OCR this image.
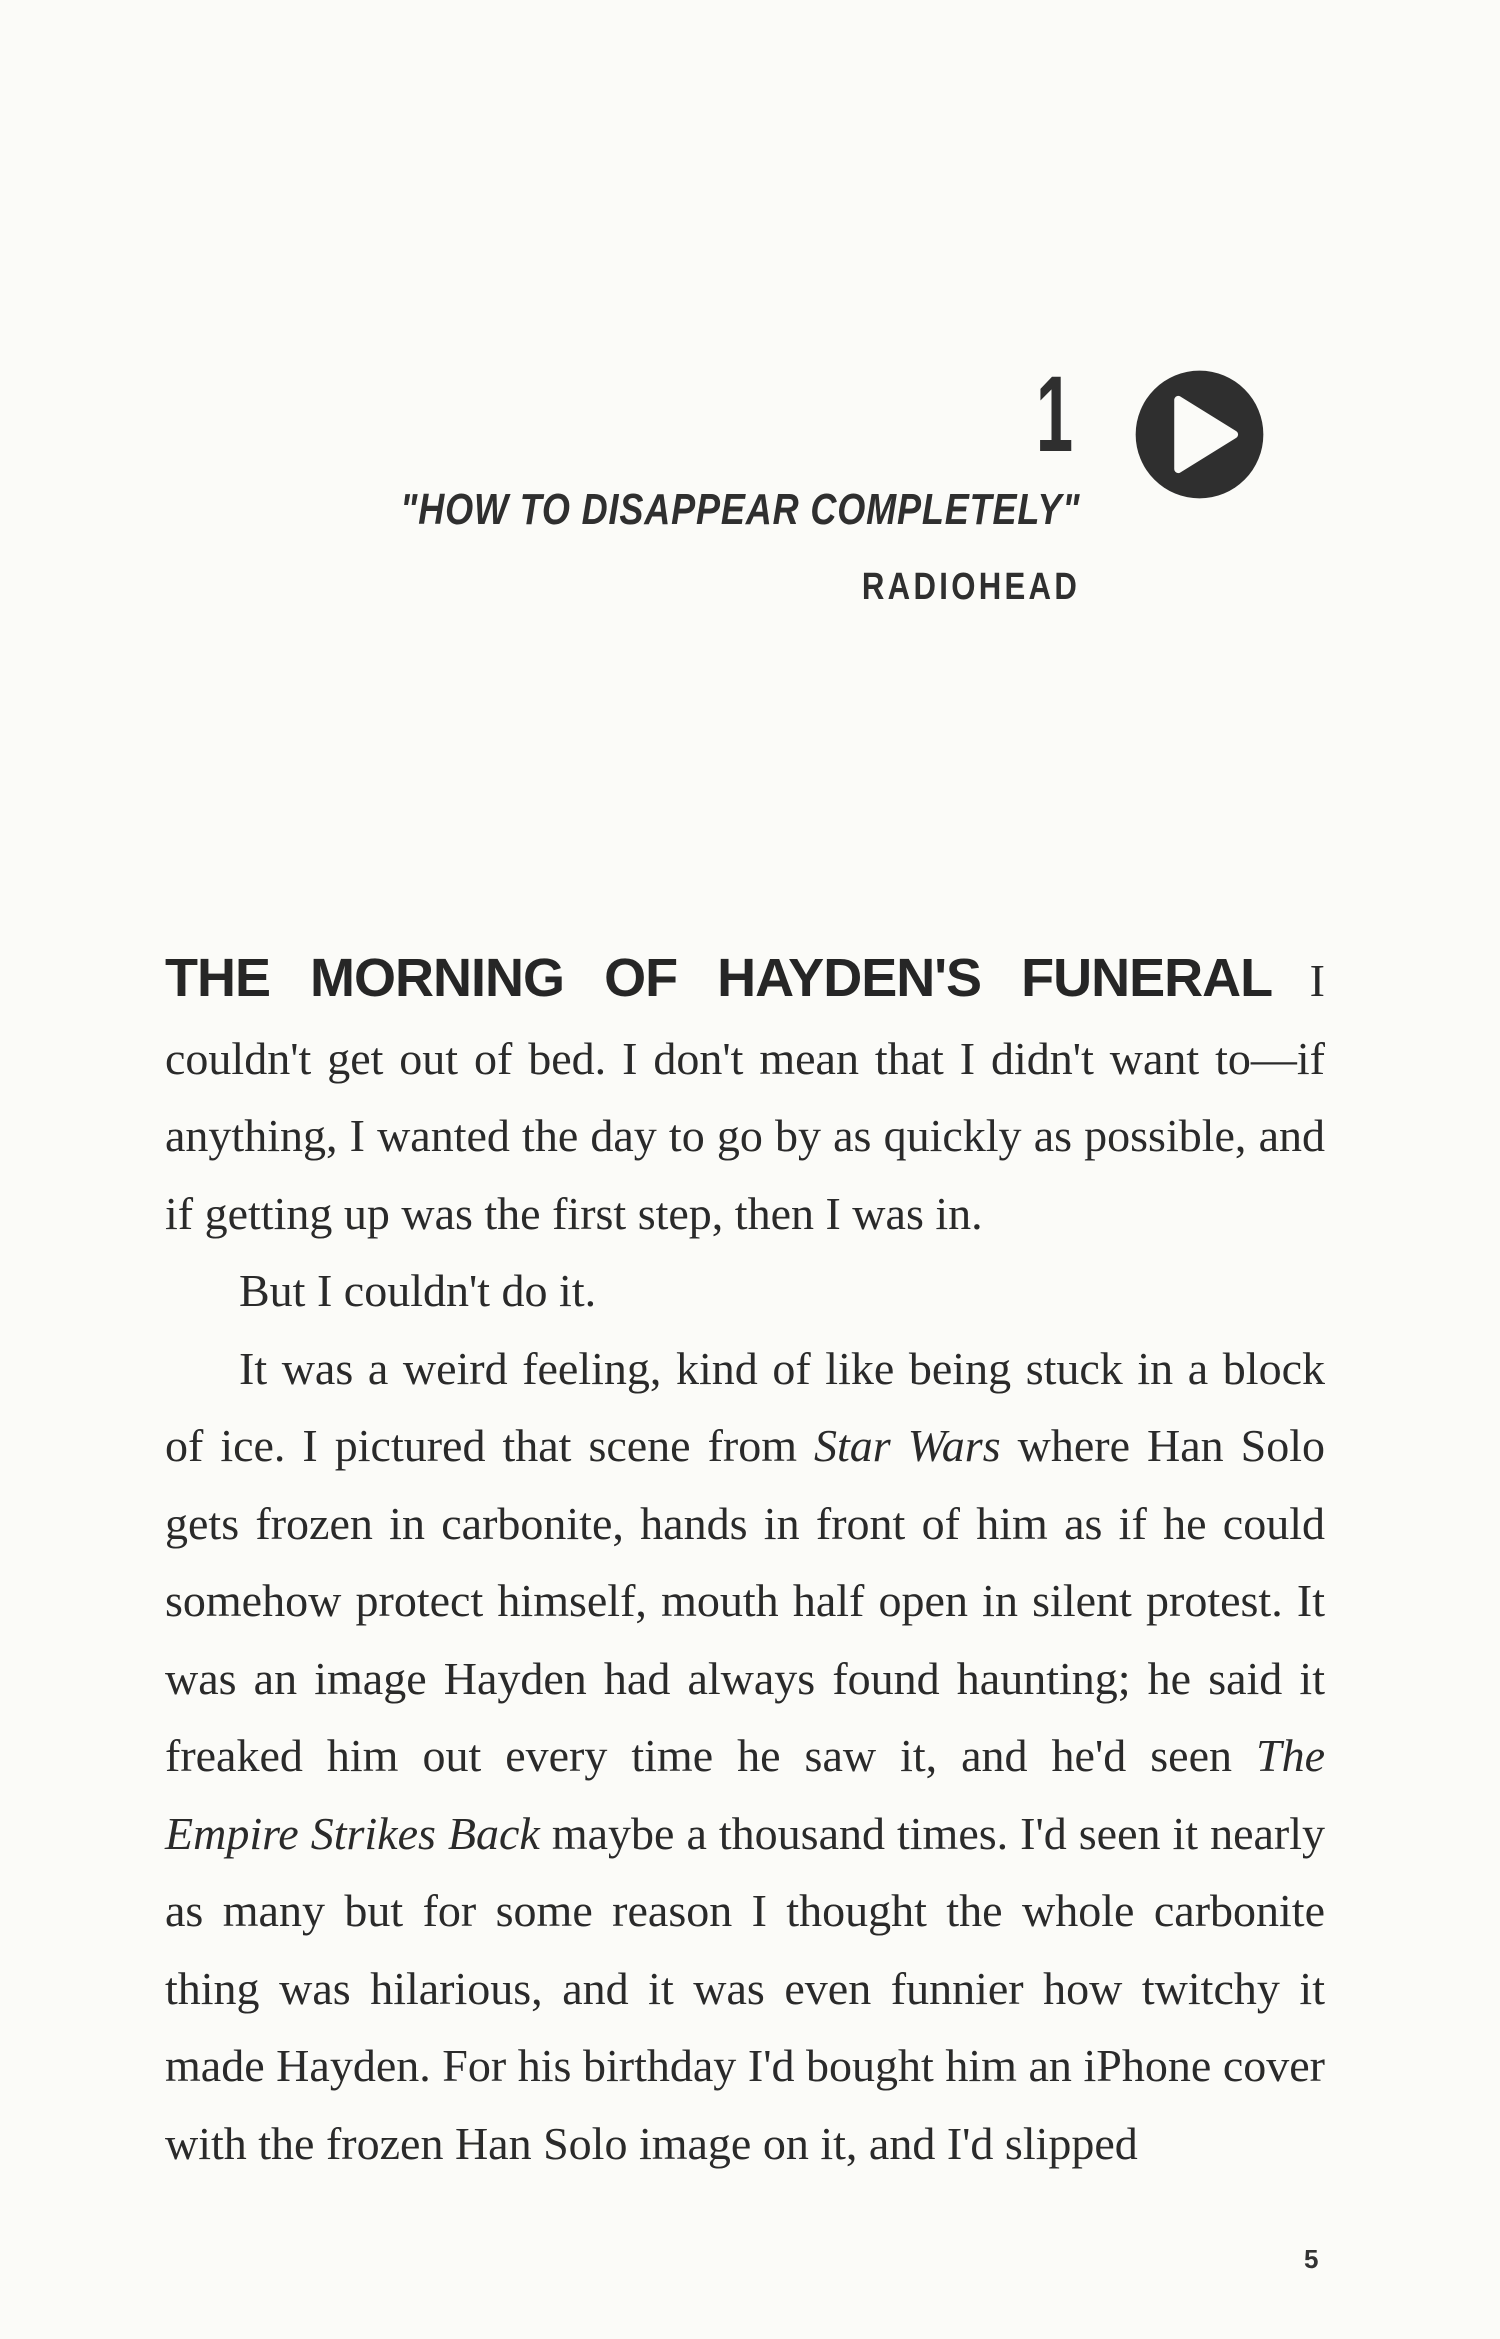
1
"HOW TO DISAPPEAR COMPLETELY"
RADIOHEAD

THE MORNING OF HAYDEN'S FUNERAL I couldn't get out of bed. I don't mean that I didn't want to—if anything, I wanted the day to go by as quickly as possible, and if getting up was the first step, then I was in.

But I couldn't do it.

It was a weird feeling, kind of like being stuck in a block of ice. I pictured that scene from Star Wars where Han Solo gets frozen in carbonite, hands in front of him as if he could somehow protect himself, mouth half open in silent protest. It was an image Hayden had always found haunting; he said it freaked him out every time he saw it, and he'd seen The Empire Strikes Back maybe a thousand times. I'd seen it nearly as many but for some reason I thought the whole carbonite thing was hilarious, and it was even funnier how twitchy it made Hayden. For his birthday I'd bought him an iPhone cover with the frozen Han Solo image on it, and I'd slipped

5
